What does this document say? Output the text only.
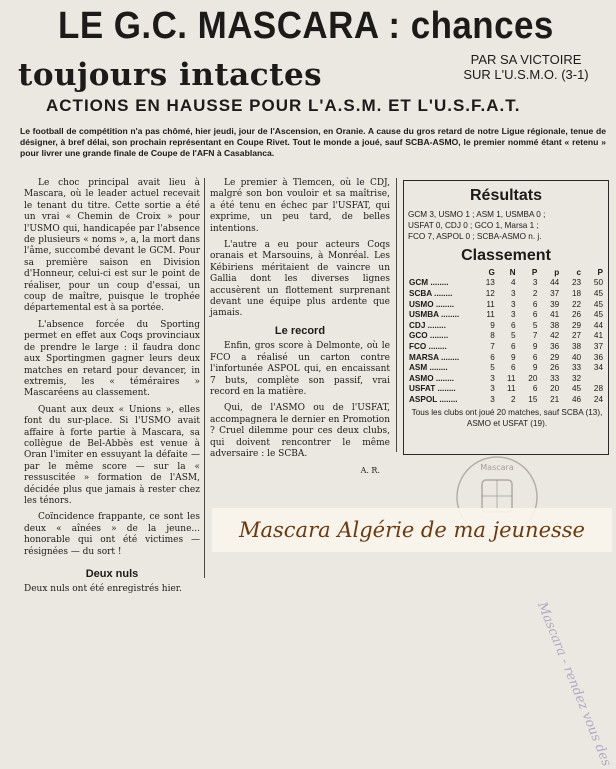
LE G.C. MASCARA : chances
toujours intactes	PAR SA VICTOIRE
SUR L'U.S.M.O. (3-1)
ACTIONS EN HAUSSE POUR L'A.S.M. ET L'U.S.F.A.T.
Le football de compétition n'a pas chômé, hier jeudi, jour de l'Ascension, en Oranie. A cause du gros retard de notre Ligue régionale, tenue de désigner, à bref délai, son prochain représentant en Coupe Rivet. Tout le monde a joué, sauf SCBA-ASMO, le premier nommé étant « retenu » pour livrer une grande finale de Coupe de l'AFN à Casablanca.

Le choc principal avait lieu à Mascara, où le leader actuel recevait le tenant du titre. Cette sortie a été un vrai « Chemin de Croix » pour l'USMO qui, handicapée par l'absence de plusieurs « noms », a, la mort dans l'âme, succombé devant le GCM. Pour sa première saison en Division d'Honneur, celui-ci est sur le point de réaliser, pour un coup d'essai, un coup de maître, puisque le trophée départemental est à sa portée.

L'absence forcée du Sporting permet en effet aux Coqs provinciaux de prendre le large : il faudra donc aux Sportingmen gagner leurs deux matches en retard pour devancer, in extremis, les « téméraires » Mascaréens au classement.

Quant aux deux « Unions », elles font du sur-place. Si l'USMO avait affaire à forte partie à Mascara, sa collègue de Bel-Abbès est venue à Oran l'imiter en essuyant la défaite — par le même score — sur la « ressuscitée » formation de l'ASM, décidée plus que jamais à rester chez les ténors.

Coïncidence frappante, ce sont les deux « aînées » de la jeune... honorable qui ont été victimes — résignées — du sort !

Le premier à Tlemcen, où le CDJ, malgré son bon vouloir et sa maîtrise, a été tenu en échec par l'USFAT, qui exprime, un peu tard, de belles intentions.

L'autre a eu pour acteurs Coqs oranais et Marsouins, à Monréal. Les Kébiriens méritaient de vaincre un Gallia dont les diverses lignes accusèrent un flottement surprenant devant une équipe plus ardente que jamais.

Le record

Enfin, gros score à Delmonte, où le FCO a réalisé un carton contre l'infortunée ASPOL qui, en encaissant 7 buts, complète son passif, vrai record en la matière.

Qui, de l'ASMO ou de l'USFAT, accompagnera le dernier en Promotion ? Cruel dilemme pour ces deux clubs, qui doivent rencontrer le même adversaire : le SCBA.

A. R.
Résultats
GCM 3, USMO 1 ; ASM 1, USMBA 0 ;
USFAT 0, CDJ 0 ; GCO 1, Marsa 1 ;
FCO 7, ASPOL 0 ; SCBA-ASMO n. j.
Classement
	G	N	P	p	c	P
GCM ........	13	4	3	44	23	50
SCBA ........	12	3	2	37	18	45
USMO ........	11	3	6	39	22	45
USMBA ........	11	3	6	41	26	45
CDJ ........	9	6	5	38	29	44
GCO ........	8	5	7	42	27	41
FCO ........	7	6	9	36	38	37
MARSA ........	6	9	6	29	40	36
ASM ........	5	6	9	26	33	34
ASMO ........	3	11	20	33	32	
USFAT ........	3	11	6	20	45	28
ASPOL ........	3	2	15	21	46	24
Tous les clubs ont joué 20 matches, sauf SCBA (13), ASMO et USFAT (19).
Mascara
Mascara - rendez vous des
Mascara Algérie de ma jeunesse
Deux nuls
Deux nuls ont été enregistrés hier.
